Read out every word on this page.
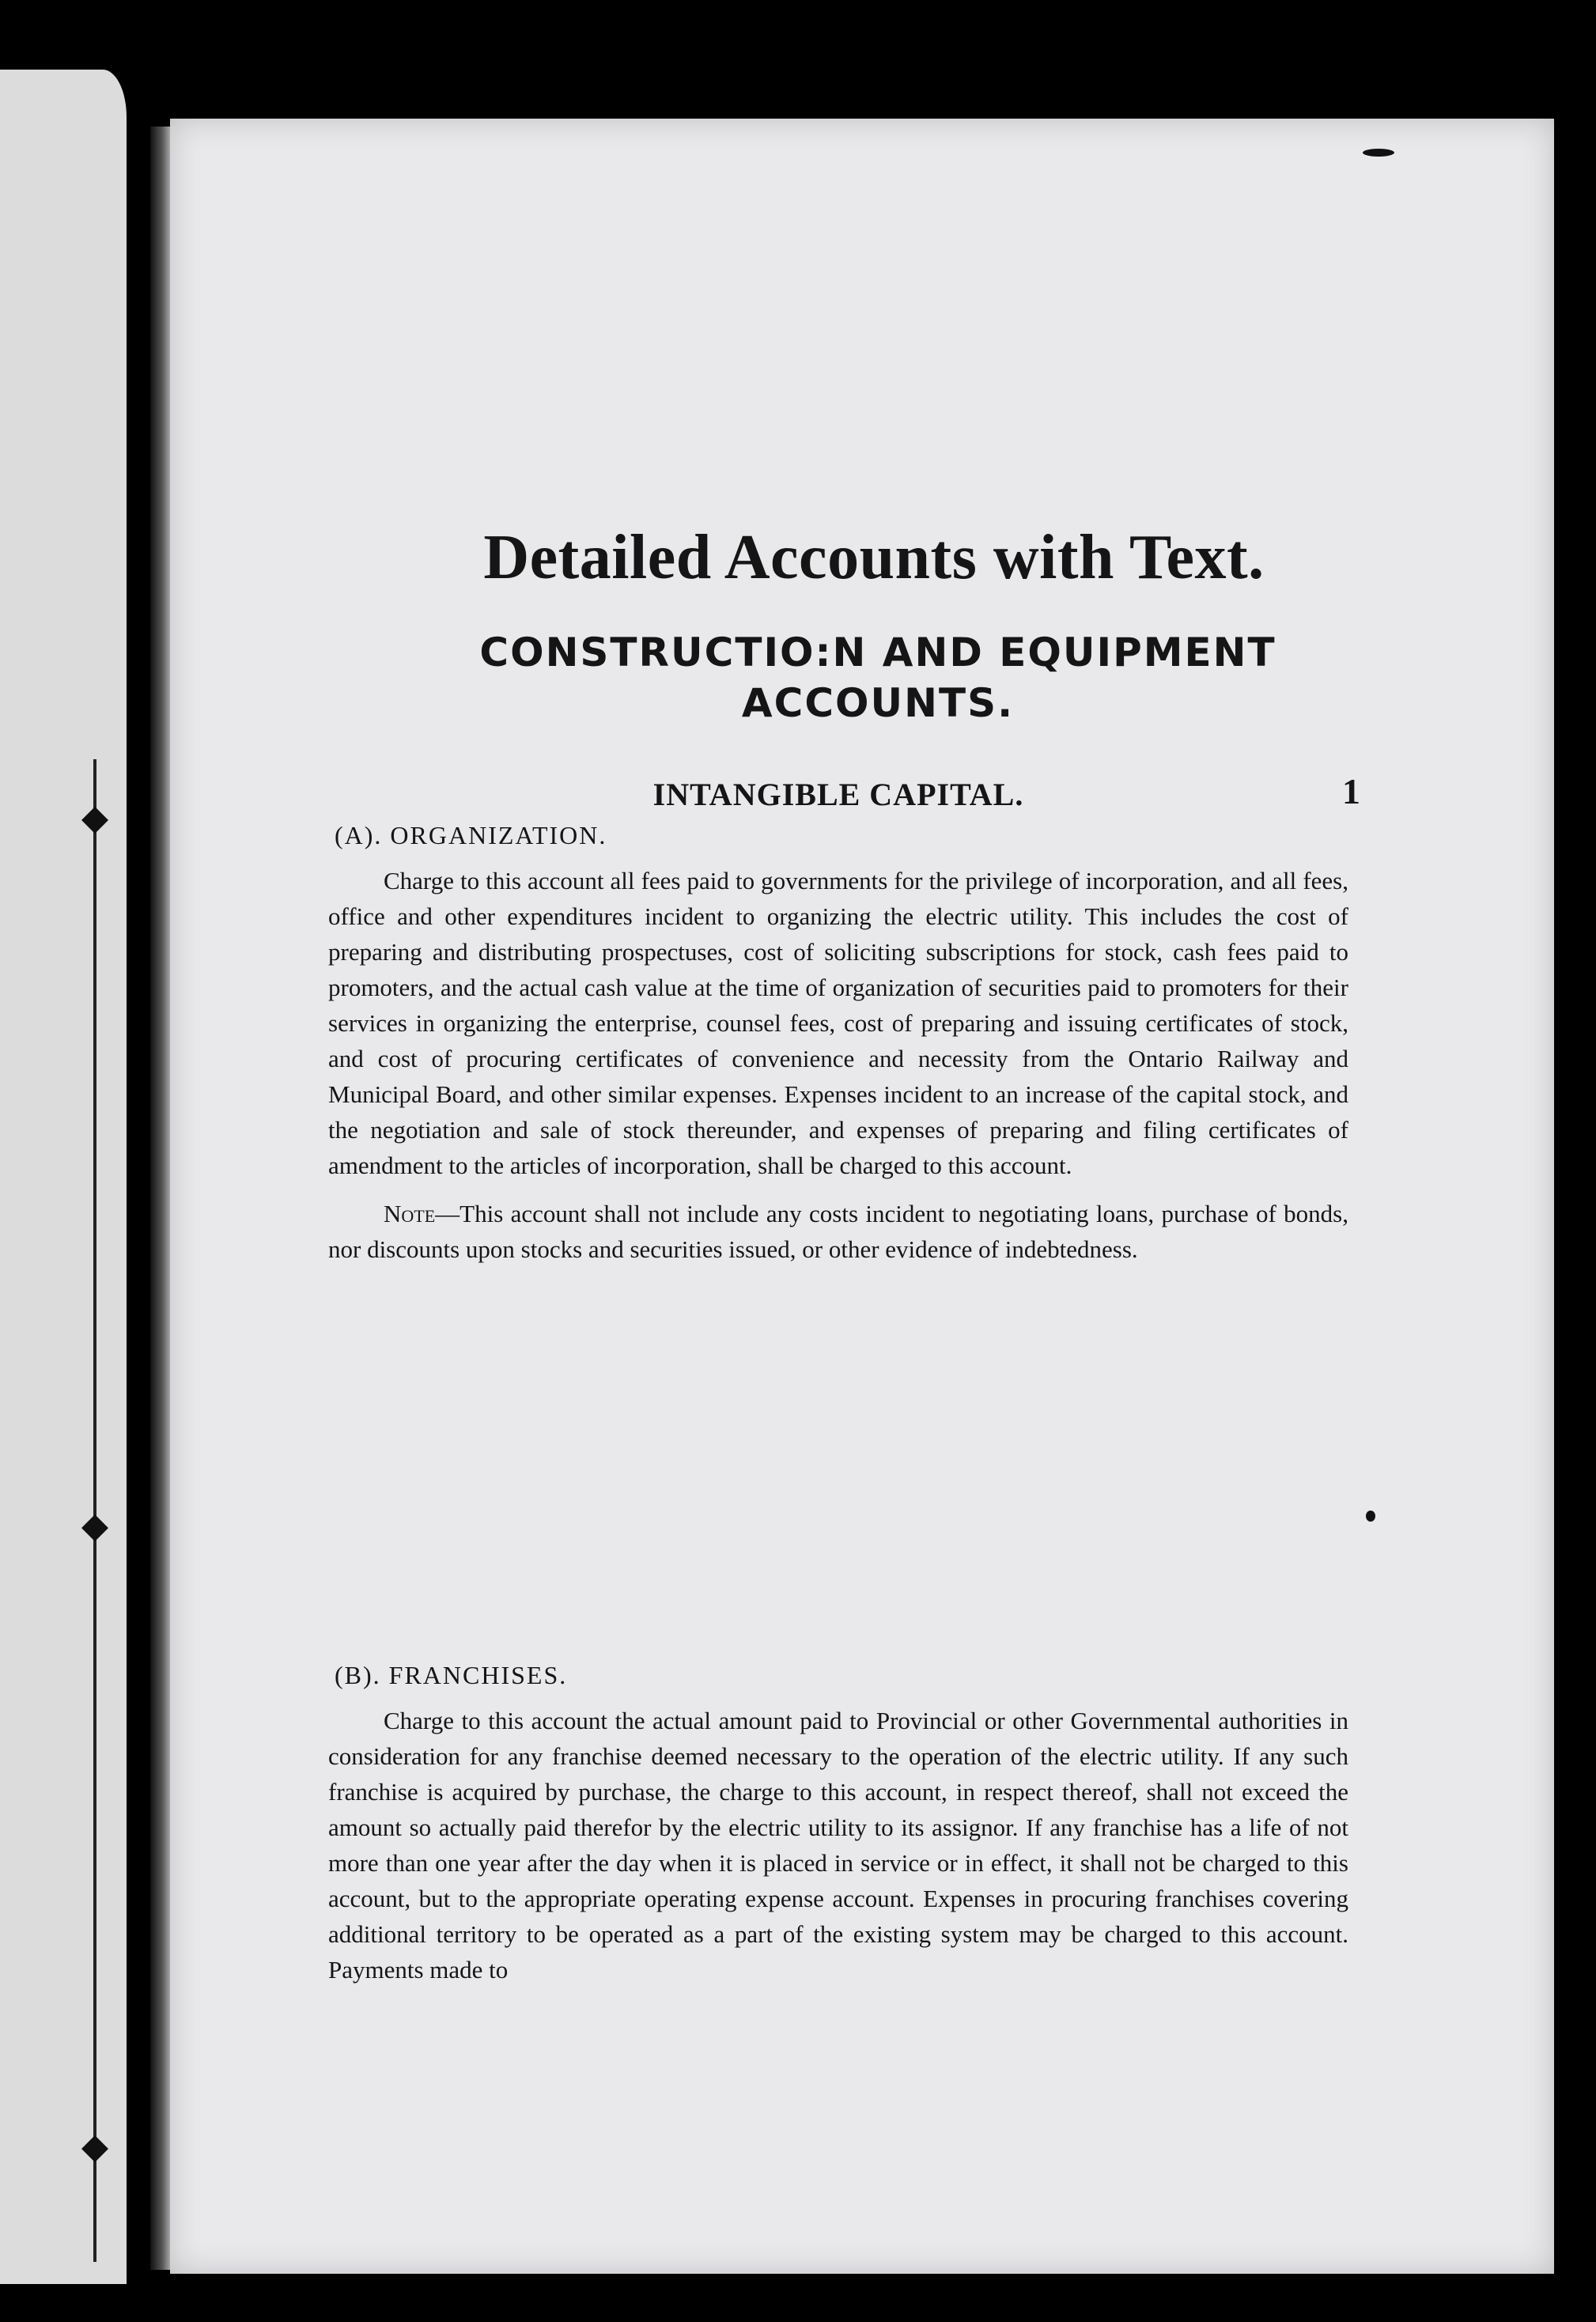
Detailed Accounts with Text.
CONSTRUCTIO:N AND EQUIPMENT
ACCOUNTS.
INTANGIBLE CAPITAL.	1
(A). ORGANIZATION.

Charge to this account all fees paid to governments for the privilege of incorporation, and all fees, office and other expenditures incident to organizing the electric utility. This includes the cost of preparing and distributing prospectuses, cost of soliciting subscriptions for stock, cash fees paid to promoters, and the actual cash value at the time of organization of securities paid to promoters for their services in organizing the enterprise, counsel fees, cost of preparing and issuing certificates of stock, and cost of procuring certificates of convenience and necessity from the Ontario Railway and Municipal Board, and other similar expenses. Expenses incident to an increase of the capital stock, and the negotiation and sale of stock thereunder, and expenses of preparing and filing certificates of amendment to the articles of incorporation, shall be charged to this account.

Note—This account shall not include any costs incident to negotiating loans, purchase of bonds, nor discounts upon stocks and securities issued, or other evidence of indebtedness.

(B). FRANCHISES.

Charge to this account the actual amount paid to Provincial or other Governmental authorities in consideration for any franchise deemed necessary to the operation of the electric utility. If any such franchise is acquired by purchase, the charge to this account, in respect thereof, shall not exceed the amount so actually paid therefor by the electric utility to its assignor. If any franchise has a life of not more than one year after the day when it is placed in service or in effect, it shall not be charged to this account, but to the appropriate operating expense account. Expenses in procuring franchises covering additional territory to be operated as a part of the existing system may be charged to this account. Payments made to
